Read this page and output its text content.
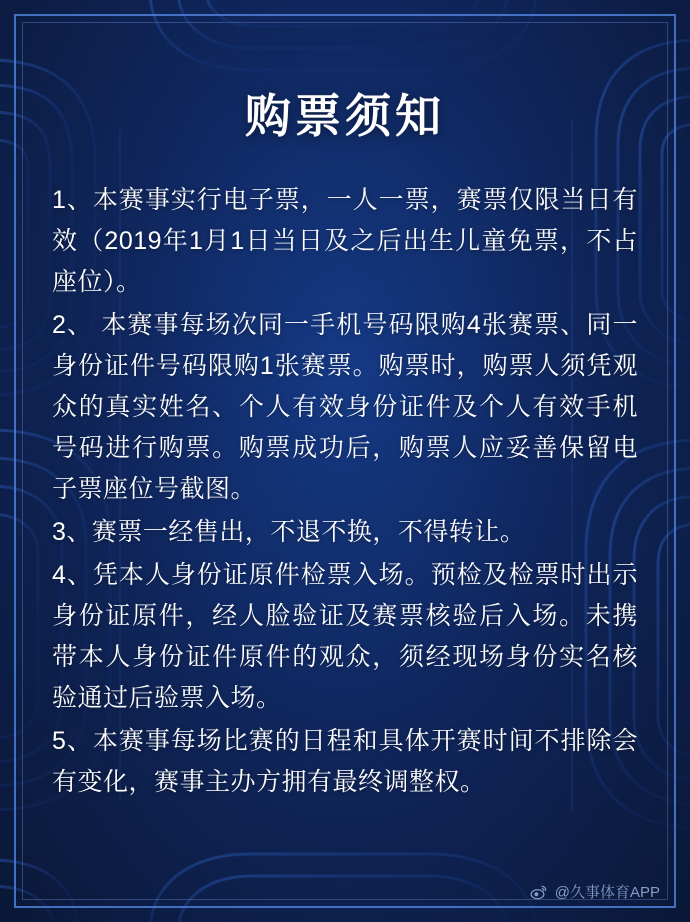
购票须知
1、本赛事实行电子票，一人一票，赛票仅限当日有效（2019年1月1日当日及之后出生儿童免票，不占座位）。
2、 本赛事每场次同一手机号码限购4张赛票、同一身份证件号码限购1张赛票。购票时，购票人须凭观众的真实姓名、个人有效身份证件及个人有效手机号码进行购票。购票成功后，购票人应妥善保留电子票座位号截图。
3、赛票一经售出，不退不换，不得转让。
4、凭本人身份证原件检票入场。预检及检票时出示身份证原件，经人脸验证及赛票核验后入场。未携带本人身份证件原件的观众，须经现场身份实名核验通过后验票入场。
5、本赛事每场比赛的日程和具体开赛时间不排除会有变化，赛事主办方拥有最终调整权。
@久事体育APP
